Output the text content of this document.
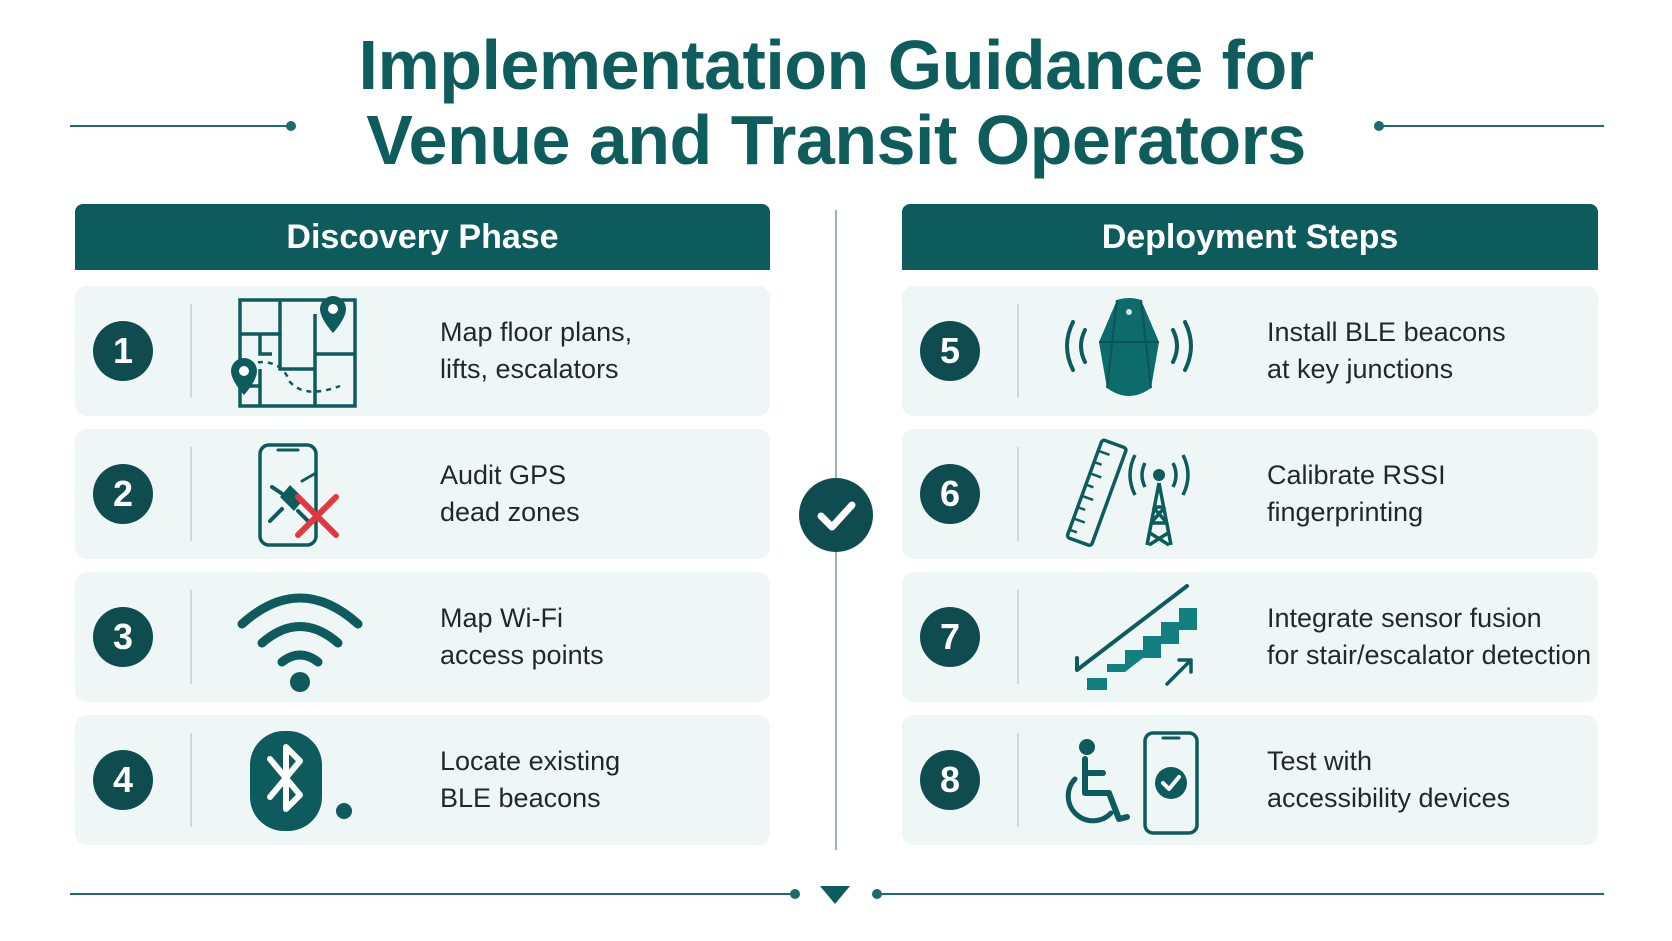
Implementation Guidance for
Venue and Transit Operators
Discovery Phase	Deployment Steps
1	Map floor plans,
lifts, escalators
2	Audit GPS
dead zones
3	Map Wi-Fi
access points
4	Locate existing
BLE beacons
5	Install BLE beacons
at key junctions
6	Calibrate RSSI
fingerprinting
7	Integrate sensor fusion
for stair/escalator detection
8	Test with
accessibility devices
